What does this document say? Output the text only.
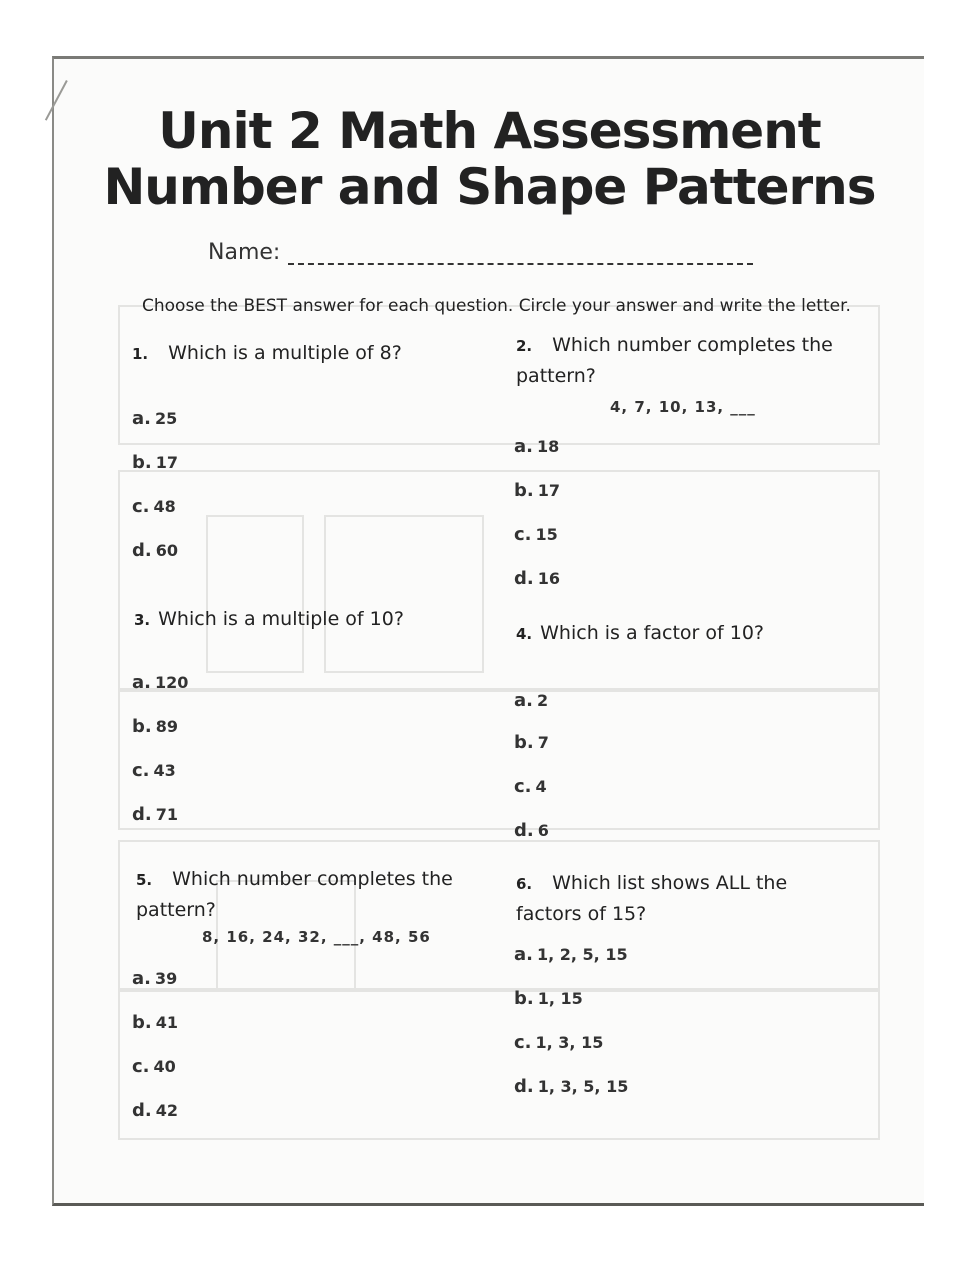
Unit 2 Math Assessment
Number and Shape Patterns
Name:
Choose the BEST answer for each question. Circle your answer and write the letter.
1. Which is a multiple of 8?
a. 25
b. 17
c. 48
d. 60
2. Which number completes the pattern?
4, 7, 10, 13, ___
a. 18
b. 17
c. 15
d. 16
3. Which is a multiple of 10?
a. 120
b. 89
c. 43
d. 71
4. Which is a factor of 10?
a. 2
b. 7
c. 4
d. 6
5. Which number completes the pattern?
8, 16, 24, 32, ___, 48, 56
a. 39
b. 41
c. 40
d. 42
6. Which list shows ALL the factors of 15?
a. 1, 2, 5, 15
b. 1, 15
c. 1, 3, 15
d. 1, 3, 5, 15
